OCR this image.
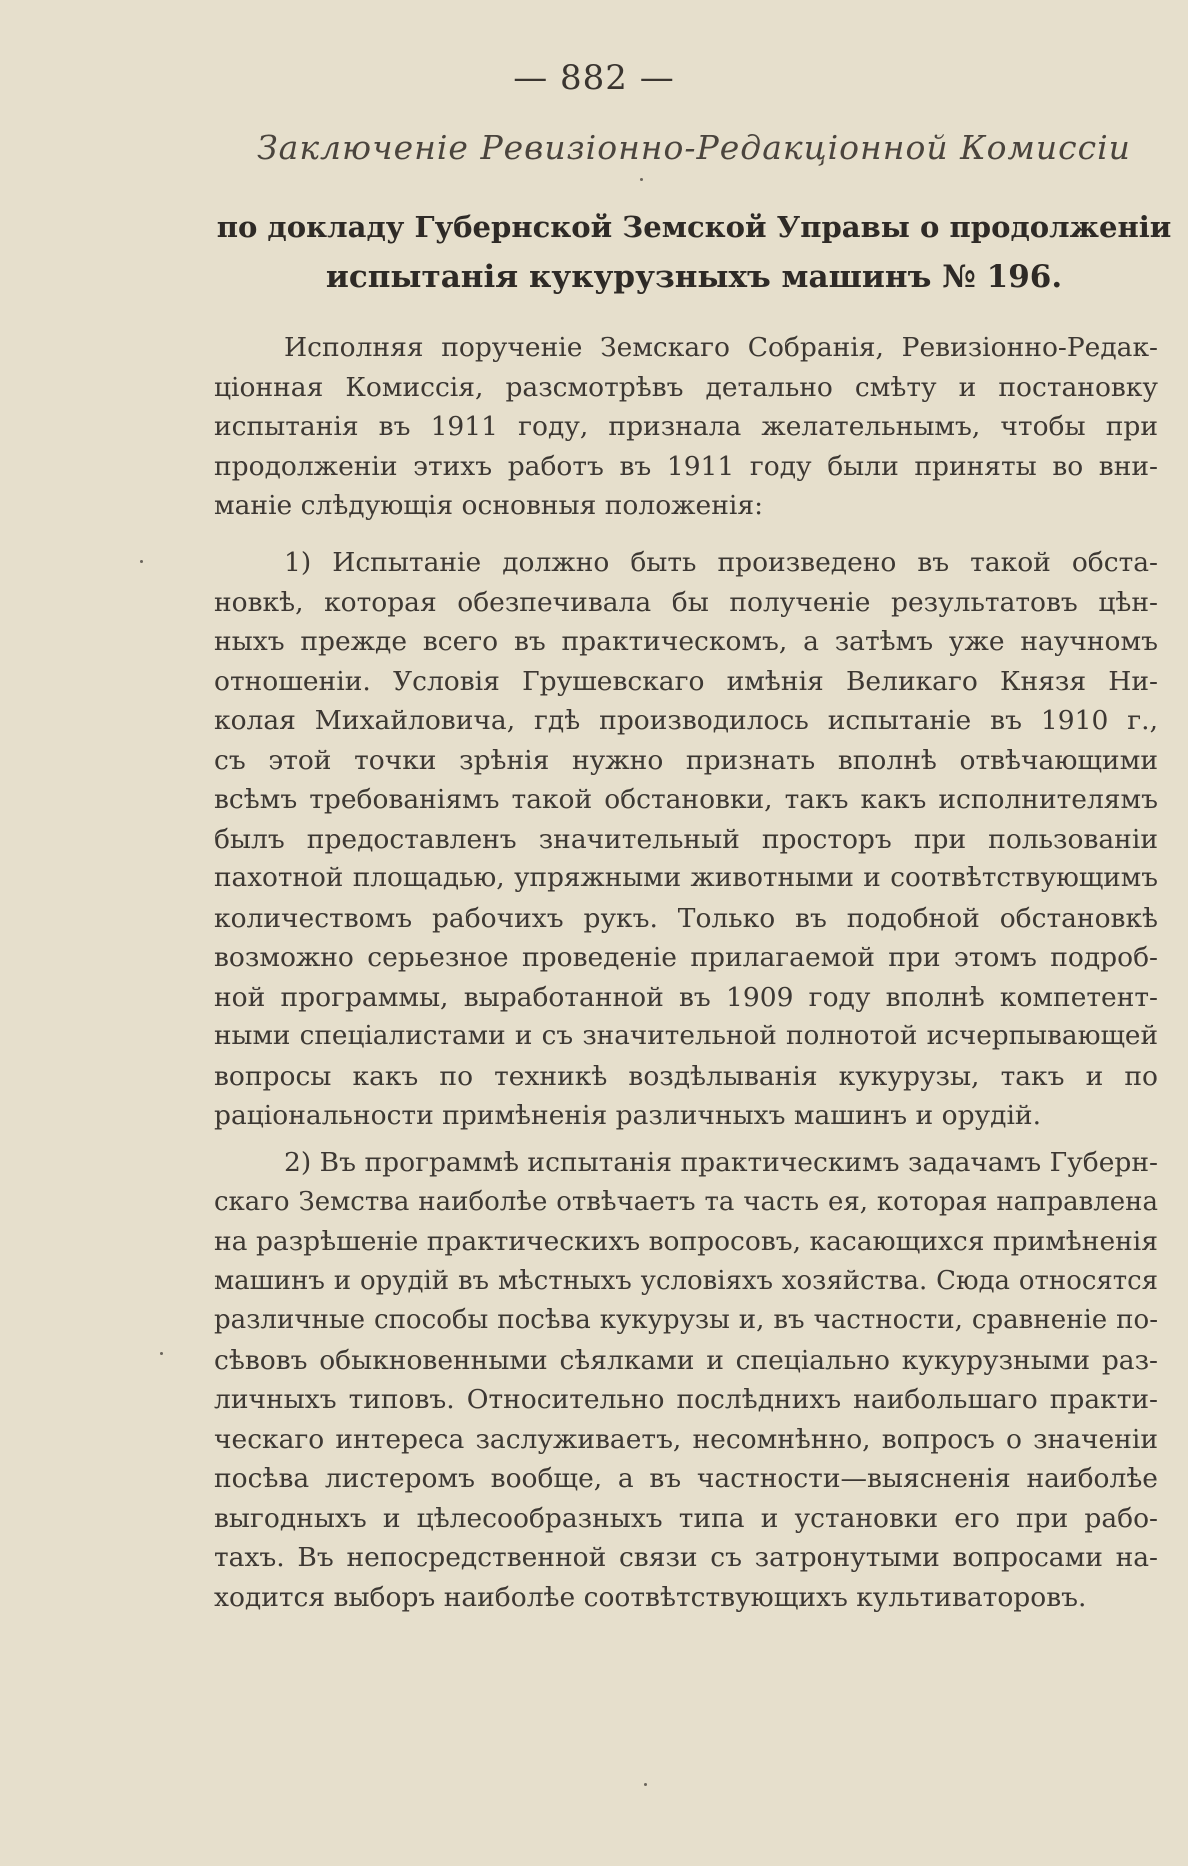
— 882 —
Заключеніе Ревизіонно-Редакціонной Комиссіи
по докладу Губернской Земской Управы о продолженіи
испытанія кукурузныхъ машинъ № 196.
Исполняя порученіе Земскаго Собранія, Ревизіонно-Редак-
ціонная Комиссія, разсмотрѣвъ детально смѣту и постановку
испытанія въ 1911 году, признала желательнымъ, чтобы при
продолженіи этихъ работъ въ 1911 году были приняты во вни-
маніе слѣдующія основныя положенія:
1) Испытаніе должно быть произведено въ такой обста-
новкѣ, которая обезпечивала бы полученіе результатовъ цѣн-
ныхъ прежде всего въ практическомъ, а затѣмъ уже научномъ
отношеніи. Условія Грушевскаго имѣнія Великаго Князя Ни-
колая Михайловича, гдѣ производилось испытаніе въ 1910 г.,
съ этой точки зрѣнія нужно признать вполнѣ отвѣчающими
всѣмъ требованіямъ такой обстановки, такъ какъ исполнителямъ
былъ предоставленъ значительный просторъ при пользованіи
пахотной площадью, упряжными животными и соотвѣтствующимъ
количествомъ рабочихъ рукъ. Только въ подобной обстановкѣ
возможно серьезное проведеніе прилагаемой при этомъ подроб-
ной программы, выработанной въ 1909 году вполнѣ компетент-
ными спеціалистами и съ значительной полнотой исчерпывающей
вопросы какъ по техникѣ воздѣлыванія кукурузы, такъ и по
раціональности примѣненія различныхъ машинъ и орудій.
2) Въ программѣ испытанія практическимъ задачамъ Губерн-
скаго Земства наиболѣе отвѣчаетъ та часть ея, которая направлена
на разрѣшеніе практическихъ вопросовъ, касающихся примѣненія
машинъ и орудій въ мѣстныхъ условіяхъ хозяйства. Сюда относятся
различные способы посѣва кукурузы и, въ частности, сравненіе по-
сѣвовъ обыкновенными сѣялками и спеціально кукурузными раз-
личныхъ типовъ. Относительно послѣднихъ наибольшаго практи-
ческаго интереса заслуживаетъ, несомнѣнно, вопросъ о значеніи
посѣва листеромъ вообще, а въ частности—выясненія наиболѣе
выгодныхъ и цѣлесообразныхъ типа и установки его при рабо-
тахъ. Въ непосредственной связи съ затронутыми вопросами на-
ходится выборъ наиболѣе соотвѣтствующихъ культиваторовъ.
